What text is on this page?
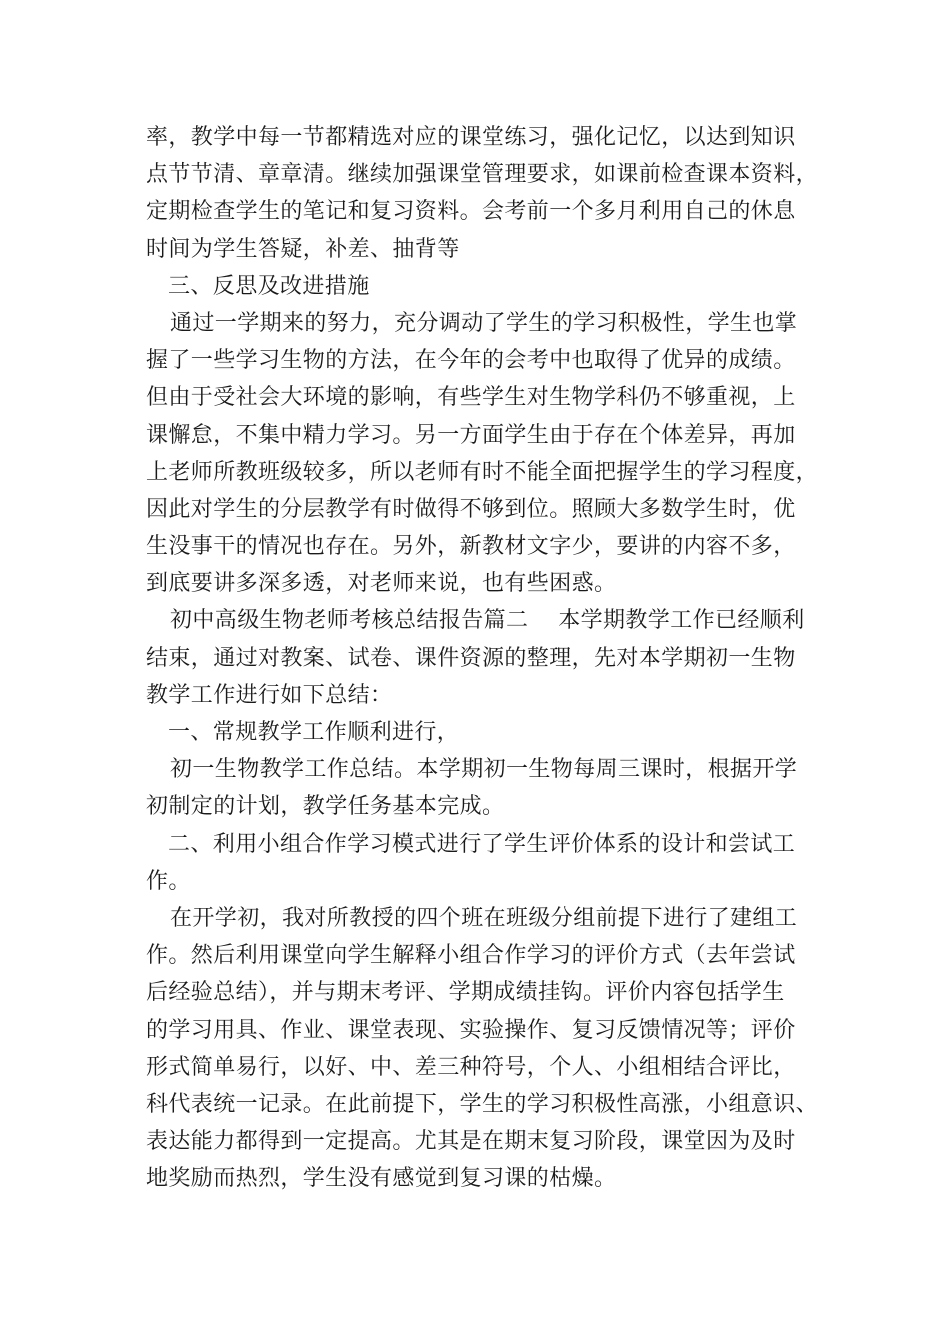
率，教学中每一节都精选对应的课堂练习，强化记忆，以达到知识
点节节清、章章清。继续加强课堂管理要求，如课前检查课本资料，
定期检查学生的笔记和复习资料。会考前一个多月利用自己的休息
时间为学生答疑，补差、抽背等
三、反思及改进措施
通过一学期来的努力，充分调动了学生的学习积极性，学生也掌
握了一些学习生物的方法，在今年的会考中也取得了优异的成绩。
但由于受社会大环境的影响，有些学生对生物学科仍不够重视，上
课懈怠，不集中精力学习。另一方面学生由于存在个体差异，再加
上老师所教班级较多，所以老师有时不能全面把握学生的学习程度，
因此对学生的分层教学有时做得不够到位。照顾大多数学生时，优
生没事干的情况也存在。另外，新教材文字少，要讲的内容不多，
到底要讲多深多透，对老师来说，也有些困惑。
初中高级生物老师考核总结报告篇二　 本学期教学工作已经顺利
结束，通过对教案、试卷、课件资源的整理，先对本学期初一生物
教学工作进行如下总结：
一、常规教学工作顺利进行，
初一生物教学工作总结。本学期初一生物每周三课时，根据开学
初制定的计划，教学任务基本完成。
二、利用小组合作学习模式进行了学生评价体系的设计和尝试工
作。
在开学初，我对所教授的四个班在班级分组前提下进行了建组工
作。然后利用课堂向学生解释小组合作学习的评价方式（去年尝试
后经验总结），并与期末考评、学期成绩挂钩。评价内容包括学生
的学习用具、作业、课堂表现、实验操作、复习反馈情况等；评价
形式简单易行，以好、中、差三种符号，个人、小组相结合评比，
科代表统一记录。在此前提下，学生的学习积极性高涨，小组意识、
表达能力都得到一定提高。尤其是在期末复习阶段，课堂因为及时
地奖励而热烈，学生没有感觉到复习课的枯燥。
